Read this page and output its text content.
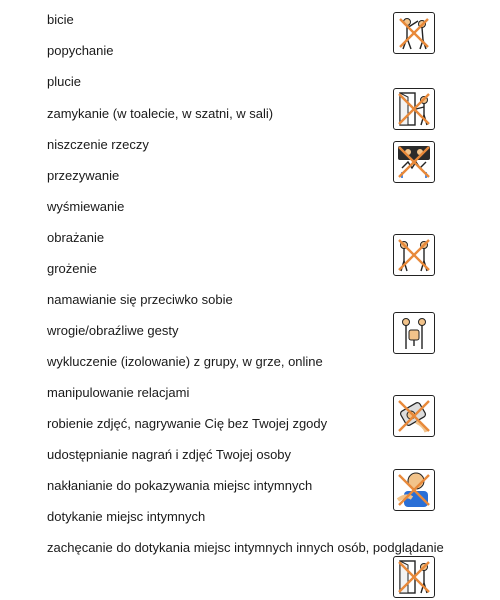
bicie
popychanie
plucie
zamykanie (w toalecie, w szatni, w sali)
niszczenie rzeczy
przezywanie
wyśmiewanie
obrażanie
grożenie
namawianie się przeciwko sobie
wrogie/obraźliwe gesty
wykluczenie (izolowanie) z grupy, w grze, online
manipulowanie relacjami
robienie zdjęć, nagrywanie Cię bez Twojej zgody
udostępnianie nagrań i zdjęć Twojej osoby
nakłanianie do pokazywania miejsc intymnych
dotykanie miejsc intymnych
zachęcanie do dotykania miejsc intymnych innych osób, podglądanie
